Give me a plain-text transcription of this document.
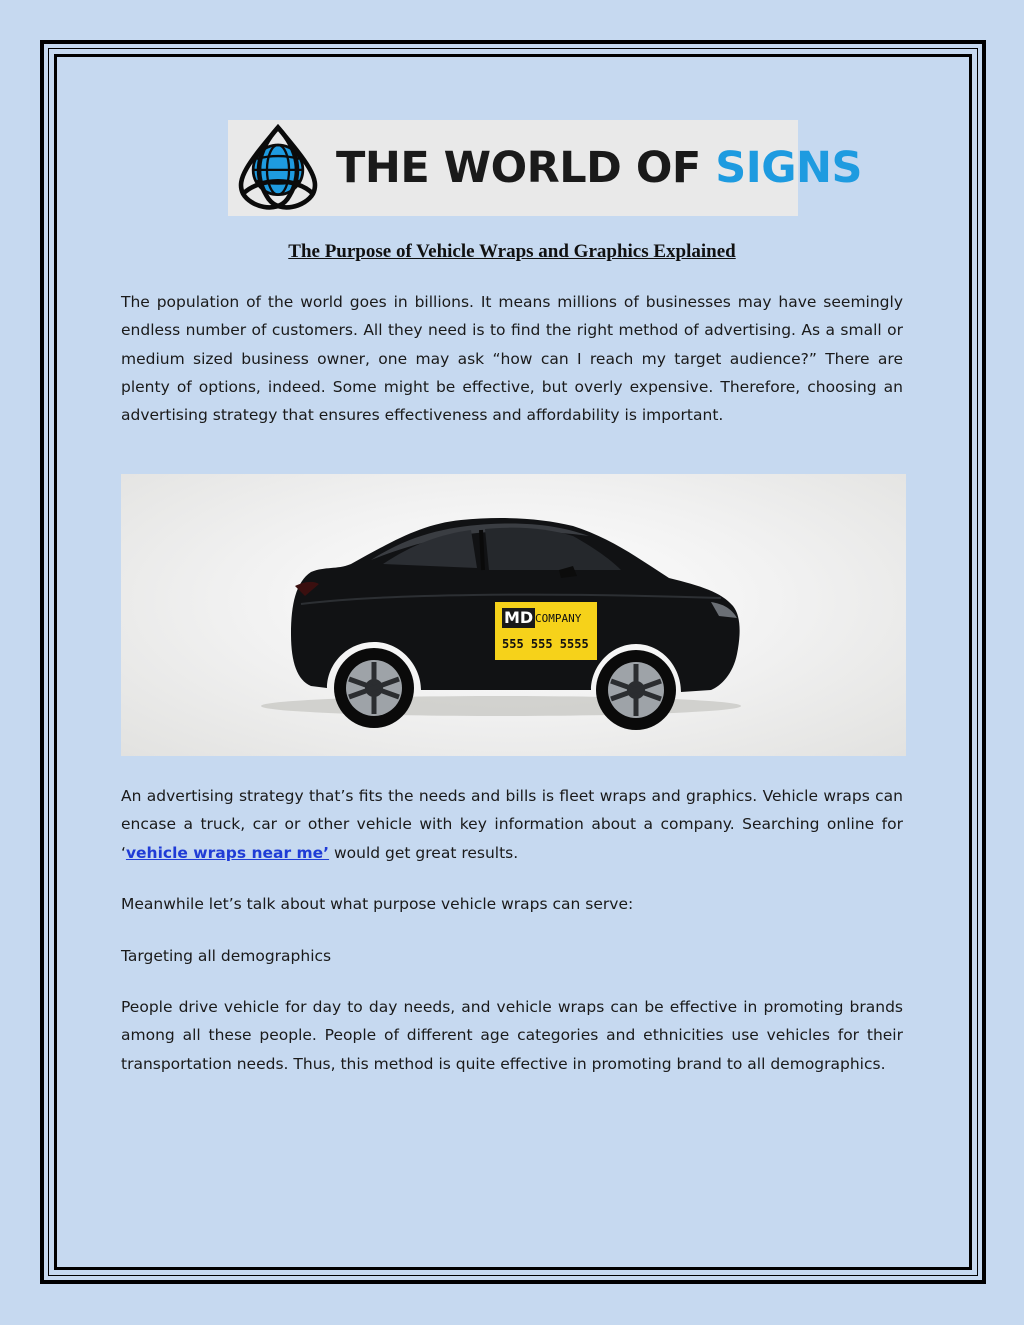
THE WORLD OF SIGNS
The Purpose of Vehicle Wraps and Graphics Explained

The population of the world goes in billions. It means millions of businesses may have seemingly endless number of customers. All they need is to find the right method of advertising. As a small or medium sized business owner, one may ask “how can I reach my target audience?” There are plenty of options, indeed. Some might be effective, but overly expensive. Therefore, choosing an advertising strategy that ensures effectiveness and affordability is important.

MD COMPANY
555 555 5555

An advertising strategy that’s fits the needs and bills is fleet wraps and graphics. Vehicle wraps can encase a truck, car or other vehicle with key information about a company. Searching online for ‘vehicle wraps near me’ would get great results.

Meanwhile let’s talk about what purpose vehicle wraps can serve:

Targeting all demographics

People drive vehicle for day to day needs, and vehicle wraps can be effective in promoting brands among all these people. People of different age categories and ethnicities use vehicles for their transportation needs. Thus, this method is quite effective in promoting brand to all demographics.
